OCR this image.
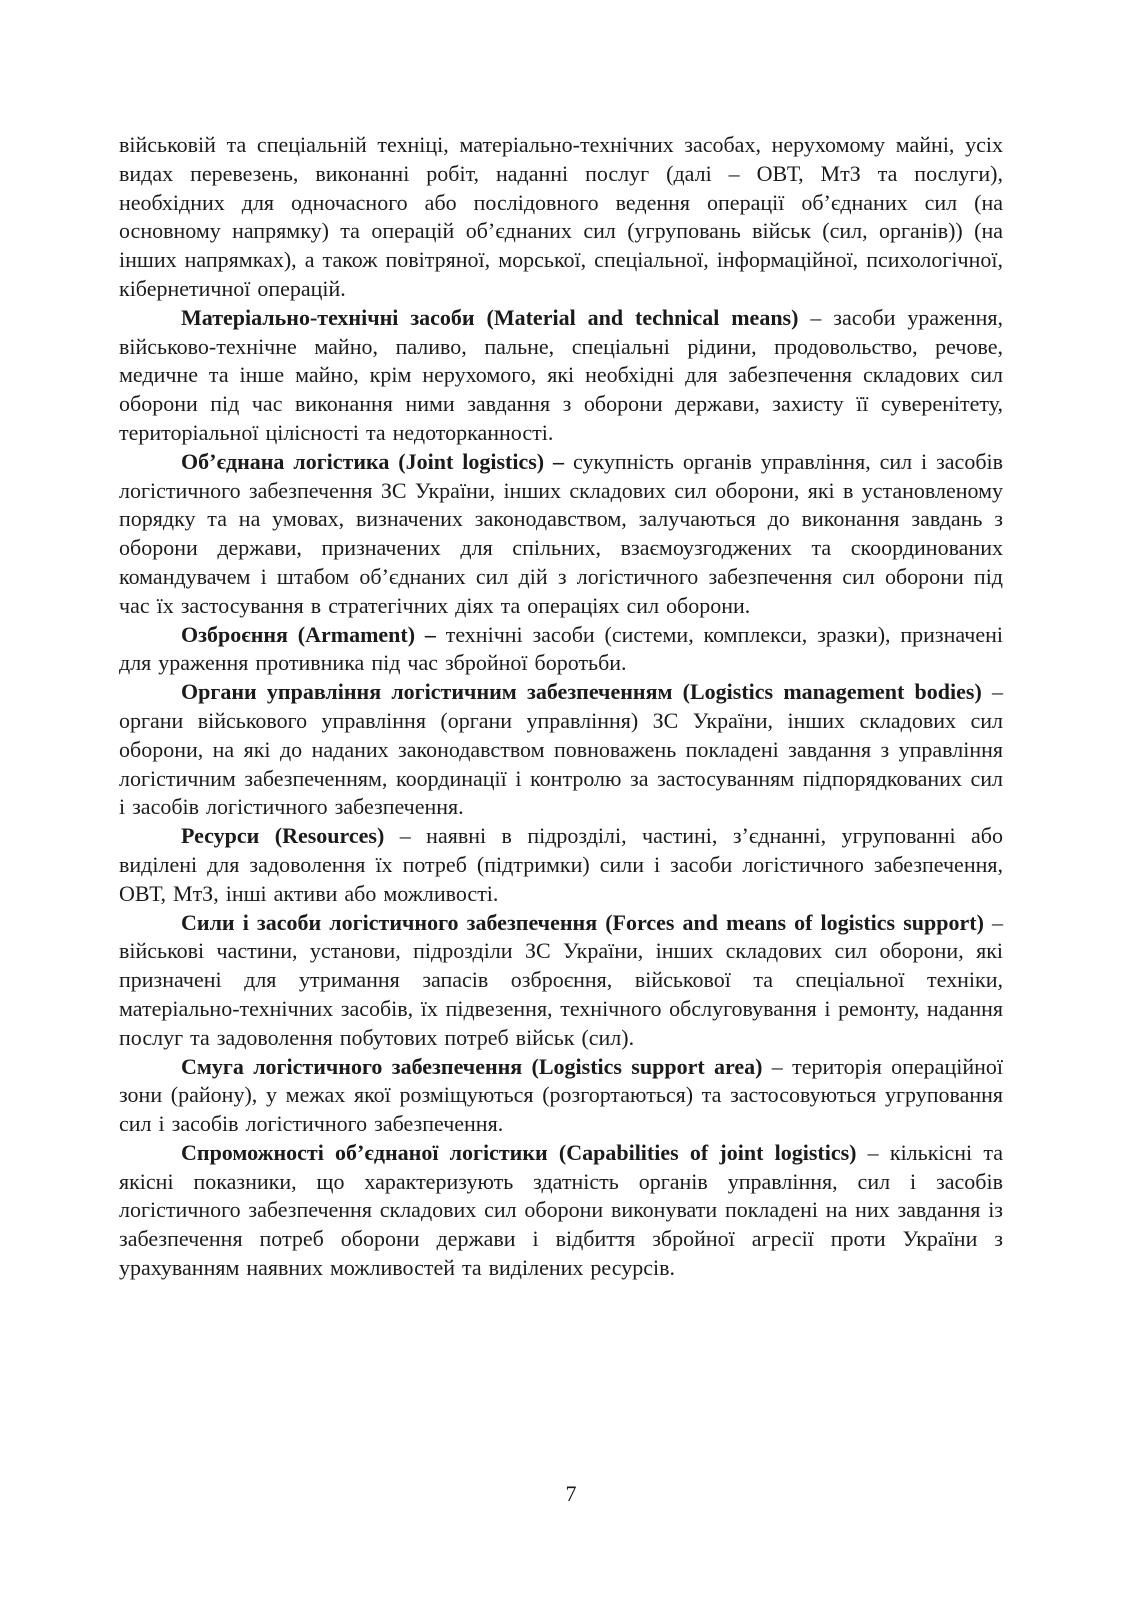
військовій та спеціальній техніці, матеріально-технічних засобах, нерухомому майні, усіх видах перевезень, виконанні робіт, наданні послуг (далі – ОВТ, МтЗ та послуги), необхідних для одночасного або послідовного ведення операції об’єднаних сил (на основному напрямку) та операцій об’єднаних сил (угруповань військ (сил, органів)) (на інших напрямках), а також повітряної, морської, спеціальної, інформаційної, психологічної, кібернетичної операцій.

Матеріально-технічні засоби (Material and technical means) – засоби ураження, військово-технічне майно, паливо, пальне, спеціальні рідини, продовольство, речове, медичне та інше майно, крім нерухомого, які необхідні для забезпечення складових сил оборони під час виконання ними завдання з оборони держави, захисту її суверенітету, територіальної цілісності та недоторканності.

Об’єднана логістика (Joint logistics) – сукупність органів управління, сил і засобів логістичного забезпечення ЗС України, інших складових сил оборони, які в установленому порядку та на умовах, визначених законодавством, залучаються до виконання завдань з оборони держави, призначених для спільних, взаємоузгоджених та скоординованих командувачем і штабом об’єднаних сил дій з логістичного забезпечення сил оборони під час їх застосування в стратегічних діях та операціях сил оборони.

Озброєння (Armament) – технічні засоби (системи, комплекси, зразки), призначені для ураження противника під час збройної боротьби.

Органи управління логістичним забезпеченням (Logistics management bodies) – органи військового управління (органи управління) ЗС України, інших складових сил оборони, на які до наданих законодавством повноважень покладені завдання з управління логістичним забезпеченням, координації і контролю за застосуванням підпорядкованих сил і засобів логістичного забезпечення.

Ресурси (Resources) – наявні в підрозділі, частині, з’єднанні, угрупованні або виділені для задоволення їх потреб (підтримки) сили і засоби логістичного забезпечення, ОВТ, МтЗ, інші активи або можливості.

Сили і засоби логістичного забезпечення (Forces and means of logistics support) – військові частини, установи, підрозділи ЗС України, інших складових сил оборони, які призначені для утримання запасів озброєння, військової та спеціальної техніки, матеріально-технічних засобів, їх підвезення, технічного обслуговування і ремонту, надання послуг та задоволення побутових потреб військ (сил).

Смуга логістичного забезпечення (Logistics support area) – територія операційної зони (району), у межах якої розміщуються (розгортаються) та застосовуються угруповання сил і засобів логістичного забезпечення.

Спроможності об’єднаної логістики (Capabilities of joint logistics) – кількісні та якісні показники, що характеризують здатність органів управління, сил і засобів логістичного забезпечення складових сил оборони виконувати покладені на них завдання із забезпечення потреб оборони держави і відбиття збройної агресії проти України з урахуванням наявних можливостей та виділених ресурсів.

7
